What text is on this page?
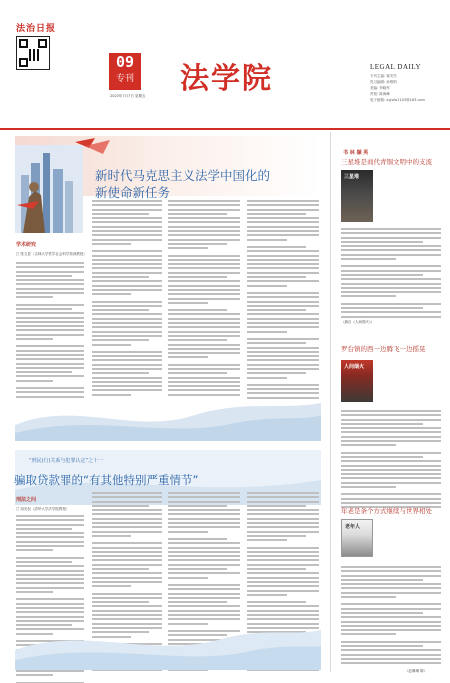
法治日报
09
专刊
2023年7月7日 星期五
法学院	LEGAL DAILY
专刊主编: 蒋安杰
见习编辑: 孙维纳
美编: 李晓军
责校: 陈海峰
电子邮箱: xyjsfw1103@163.com
新时代马克思主义法学中国化的
新使命新任务
学术研究
□ 张文显（吉林大学哲学社会科学资深教授）
“刑民(行)关系与犯罪认定”之十一
骗取贷款罪的“有其他特别严重情节”
刑法之问
□ 周光权（清华大学法学院教授）
书 林 撷 英
三星堆是商代青铜文明中的支流
三星堆
（摘自《人间烟火》）
罗台镇的西一边腾飞一边摇晃
人间烟火
年老是条个方式继续与世界相处
老年人
（赵琳琳 辑）
